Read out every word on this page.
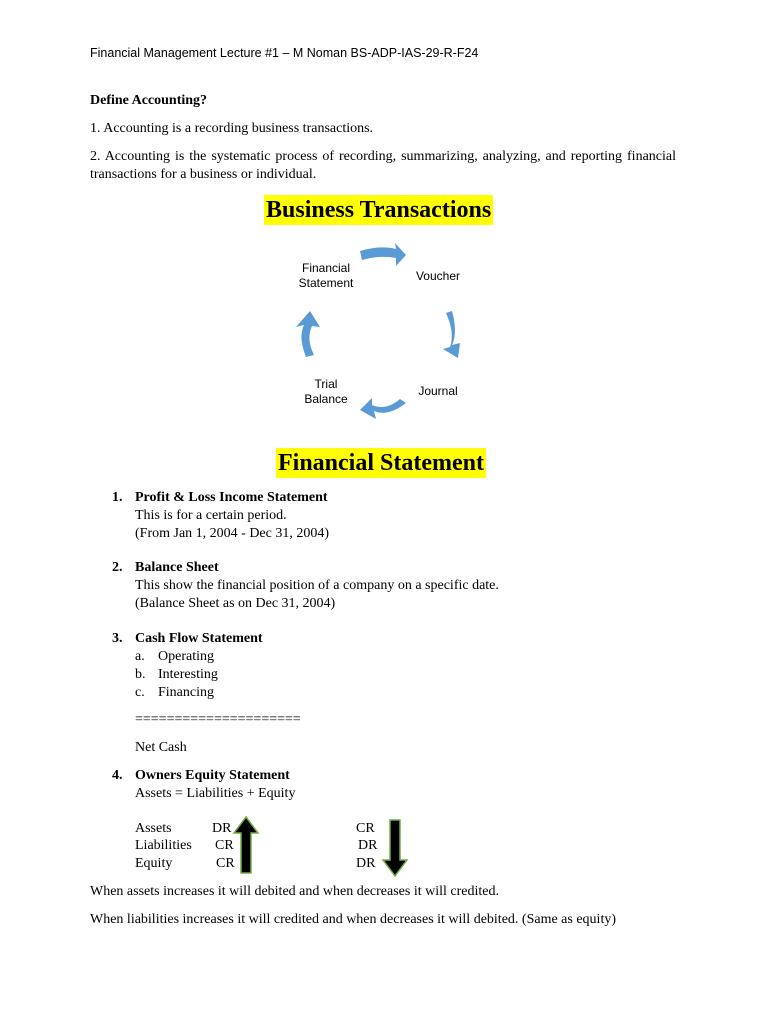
Financial Management Lecture #1 – M Noman BS-ADP-IAS-29-R-F24
Define Accounting?
1. Accounting is a recording business transactions.
2. Accounting is the systematic process of recording, summarizing, analyzing, and reporting financial transactions for a business or individual.
Business Transactions
Financial
Statement	Voucher
Journal
Trial
Balance
Financial Statement
1. Profit & Loss Income Statement
This is for a certain period.
(From Jan 1, 2004 - Dec 31, 2004)
2. Balance Sheet
This show the financial position of a company on a specific date.
(Balance Sheet as on Dec 31, 2004)
3. Cash Flow Statement
a. Operating
b. Interesting
c. Financing
=====================
Net Cash
4. Owners Equity Statement
Assets = Liabilities + Equity
Assets	DR	CR
Liabilities CR	DR
Equity	CR	DR
When assets increases it will debited and when decreases it will credited.
When liabilities increases it will credited and when decreases it will debited. (Same as equity)
